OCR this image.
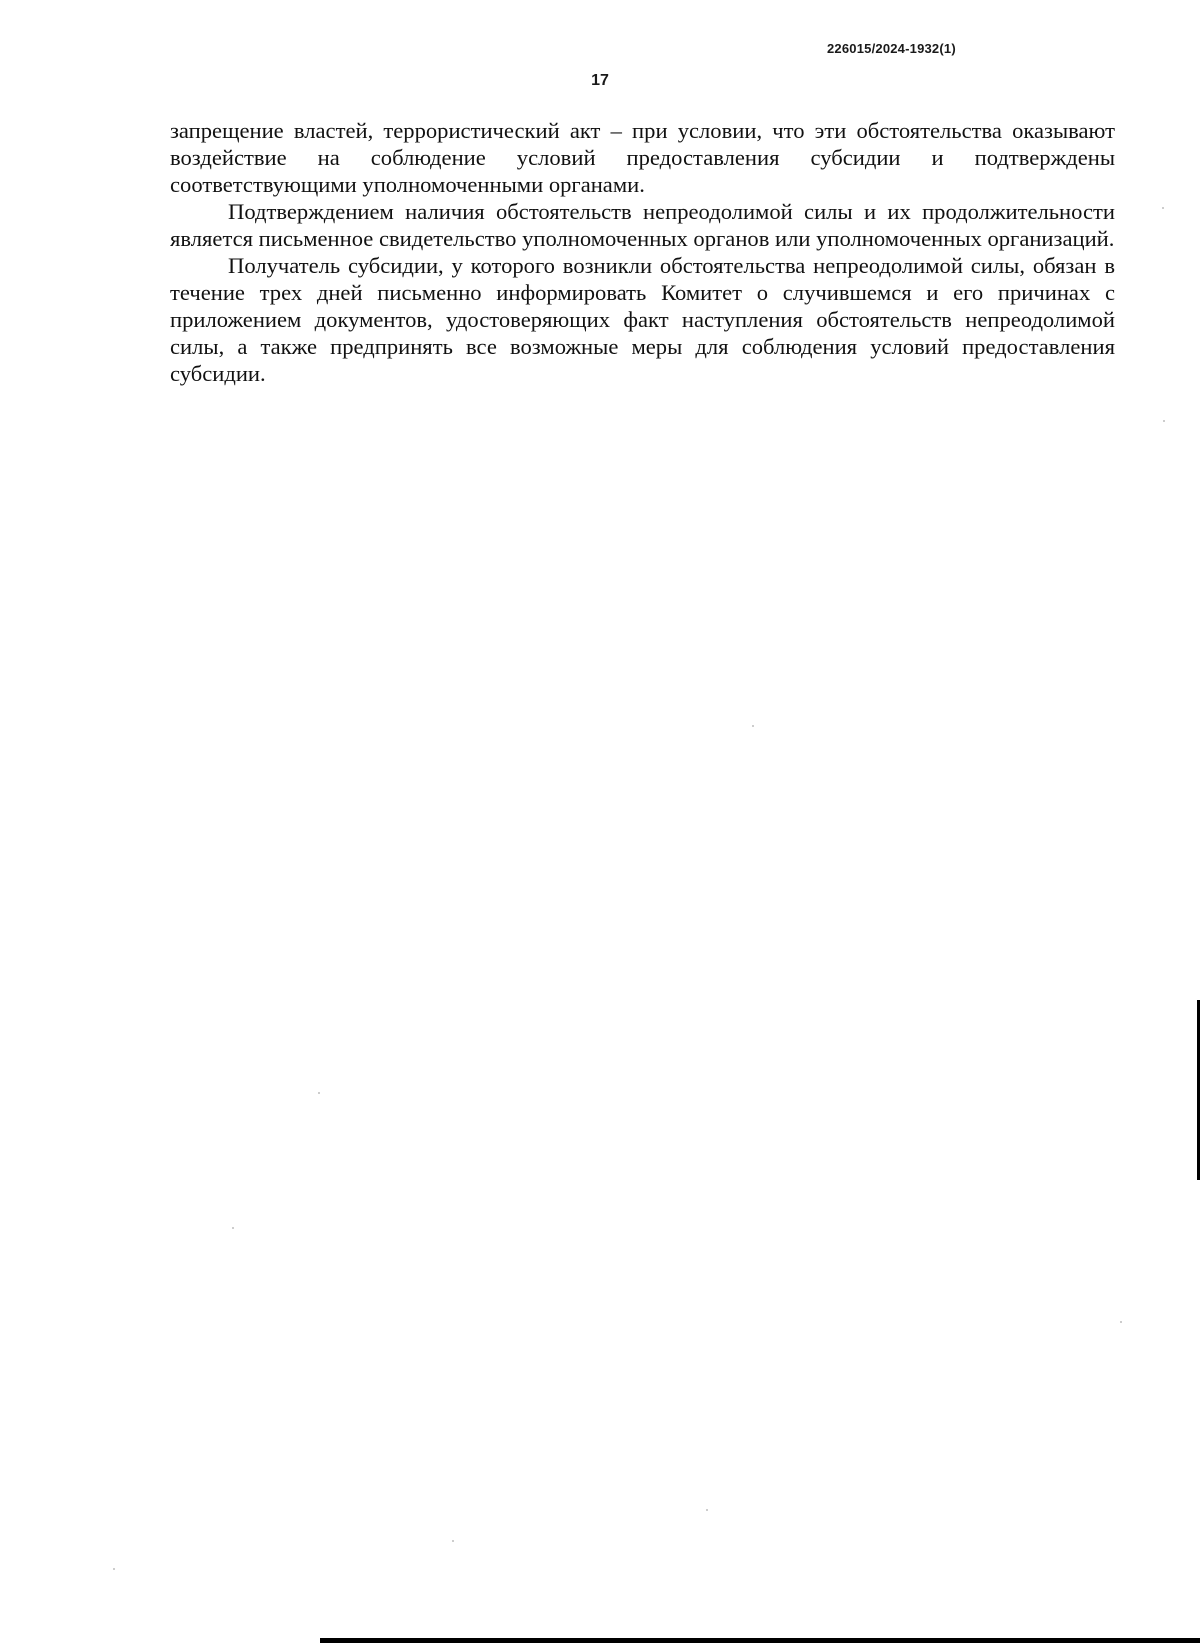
226015/2024-1932(1)
17

запрещение властей, террористический акт – при условии, что эти обстоятельства оказывают воздействие на соблюдение условий предоставления субсидии и подтверждены соответствующими уполномоченными органами.

Подтверждением наличия обстоятельств непреодолимой силы и их продолжительности является письменное свидетельство уполномоченных органов или уполномоченных организаций.

Получатель субсидии, у которого возникли обстоятельства непреодолимой силы, обязан в течение трех дней письменно информировать Комитет о случившемся и его причинах с приложением документов, удостоверяющих факт наступления обстоятельств непреодолимой силы, а также предпринять все возможные меры для соблюдения условий предоставления субсидии.
